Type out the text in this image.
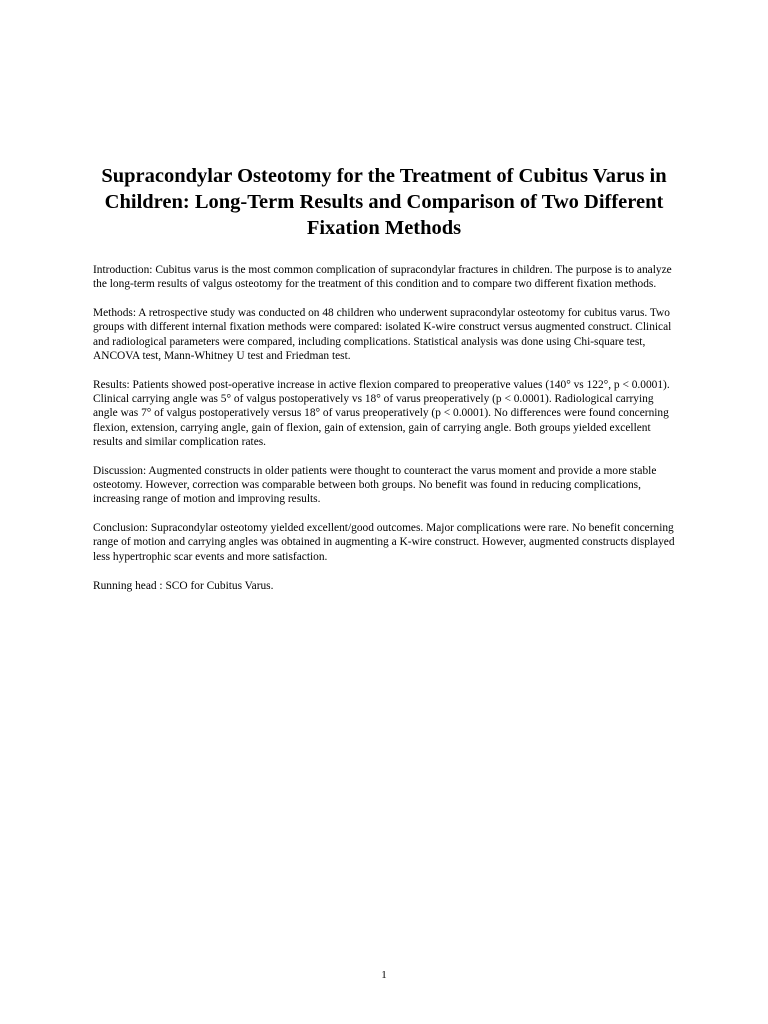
Supracondylar Osteotomy for the Treatment of Cubitus Varus in Children: Long-Term Results and Comparison of Two Different Fixation Methods

Introduction: Cubitus varus is the most common complication of supracondylar fractures in children. The purpose is to analyze the long-term results of valgus osteotomy for the treatment of this condition and to compare two different fixation methods.

Methods: A retrospective study was conducted on 48 children who underwent supracondylar osteotomy for cubitus varus. Two groups with different internal fixation methods were compared: isolated K-wire construct versus augmented construct. Clinical and radiological parameters were compared, including complications. Statistical analysis was done using Chi-square test, ANCOVA test, Mann-Whitney U test and Friedman test.

Results: Patients showed post-operative increase in active flexion compared to preoperative values (140° vs 122°, p < 0.0001). Clinical carrying angle was 5° of valgus postoperatively vs 18° of varus preoperatively (p < 0.0001). Radiological carrying angle was 7° of valgus postoperatively versus 18° of varus preoperatively (p < 0.0001). No differences were found concerning flexion, extension, carrying angle, gain of flexion, gain of extension, gain of carrying angle. Both groups yielded excellent results and similar complication rates.

Discussion: Augmented constructs in older patients were thought to counteract the varus moment and provide a more stable osteotomy. However, correction was comparable between both groups. No benefit was found in reducing complications, increasing range of motion and improving results.

Conclusion: Supracondylar osteotomy yielded excellent/good outcomes. Major complications were rare. No benefit concerning range of motion and carrying angles was obtained in augmenting a K-wire construct. However, augmented constructs displayed less hypertrophic scar events and more satisfaction.

Running head : SCO for Cubitus Varus.

1
